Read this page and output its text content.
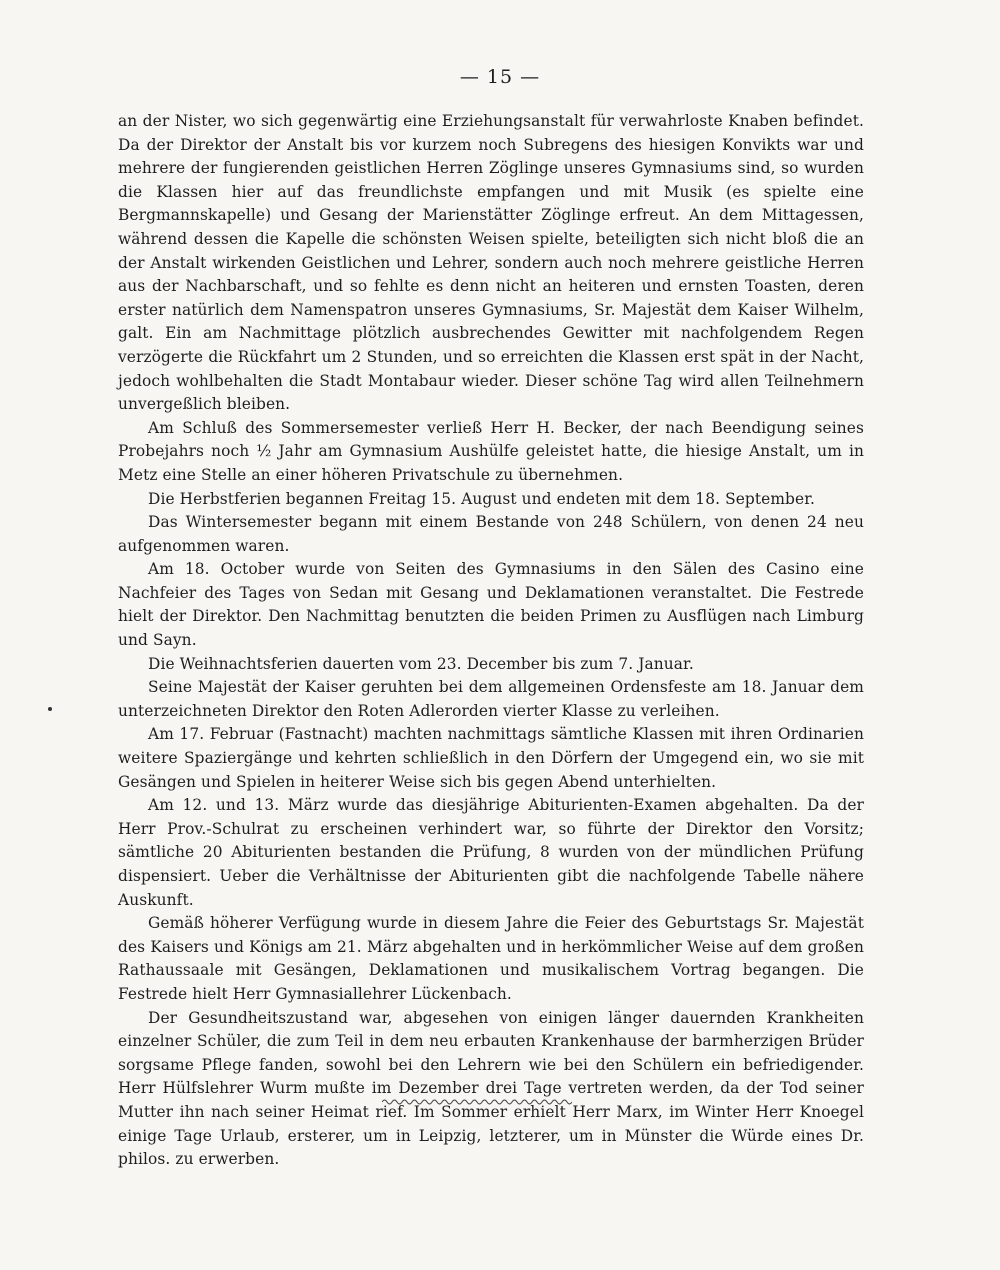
— 15 —

an der Nister, wo sich gegenwärtig eine Erziehungsanstalt für verwahrloste Knaben befindet. Da der Direktor der Anstalt bis vor kurzem noch Subregens des hiesigen Konvikts war und mehrere der fungierenden geistlichen Herren Zöglinge unseres Gymnasiums sind, so wurden die Klassen hier auf das freundlichste empfangen und mit Musik (es spielte eine Bergmannskapelle) und Gesang der Marienstätter Zöglinge erfreut. An dem Mittagessen, während dessen die Kapelle die schönsten Weisen spielte, beteiligten sich nicht bloß die an der Anstalt wirkenden Geistlichen und Lehrer, sondern auch noch mehrere geistliche Herren aus der Nachbarschaft, und so fehlte es denn nicht an heiteren und ernsten Toasten, deren erster natürlich dem Namenspatron unseres Gymnasiums, Sr. Majestät dem Kaiser Wilhelm, galt. Ein am Nachmittage plötzlich ausbrechendes Gewitter mit nachfolgendem Regen verzögerte die Rückfahrt um 2 Stunden, und so erreichten die Klassen erst spät in der Nacht, jedoch wohlbehalten die Stadt Montabaur wieder. Dieser schöne Tag wird allen Teilnehmern unvergeßlich bleiben.

Am Schluß des Sommersemester verließ Herr H. Becker, der nach Beendigung seines Probejahrs noch ½ Jahr am Gymnasium Aushülfe geleistet hatte, die hiesige Anstalt, um in Metz eine Stelle an einer höheren Privatschule zu übernehmen.

Die Herbstferien begannen Freitag 15. August und endeten mit dem 18. September.

Das Wintersemester begann mit einem Bestande von 248 Schülern, von denen 24 neu aufgenommen waren.

Am 18. October wurde von Seiten des Gymnasiums in den Sälen des Casino eine Nachfeier des Tages von Sedan mit Gesang und Deklamationen veranstaltet. Die Festrede hielt der Direktor. Den Nachmittag benutzten die beiden Primen zu Ausflügen nach Limburg und Sayn.

Die Weihnachtsferien dauerten vom 23. December bis zum 7. Januar.

Seine Majestät der Kaiser geruhten bei dem allgemeinen Ordensfeste am 18. Januar dem unterzeichneten Direktor den Roten Adlerorden vierter Klasse zu verleihen.

Am 17. Februar (Fastnacht) machten nachmittags sämtliche Klassen mit ihren Ordinarien weitere Spaziergänge und kehrten schließlich in den Dörfern der Umgegend ein, wo sie mit Gesängen und Spielen in heiterer Weise sich bis gegen Abend unterhielten.

Am 12. und 13. März wurde das diesjährige Abiturienten-Examen abgehalten. Da der Herr Prov.-Schulrat zu erscheinen verhindert war, so führte der Direktor den Vorsitz; sämtliche 20 Abiturienten bestanden die Prüfung, 8 wurden von der mündlichen Prüfung dispensiert. Ueber die Verhältnisse der Abiturienten gibt die nachfolgende Tabelle nähere Auskunft.

Gemäß höherer Verfügung wurde in diesem Jahre die Feier des Geburtstags Sr. Majestät des Kaisers und Königs am 21. März abgehalten und in herkömmlicher Weise auf dem großen Rathaussaale mit Gesängen, Deklamationen und musikalischem Vortrag begangen. Die Festrede hielt Herr Gymnasiallehrer Lückenbach.

Der Gesundheitszustand war, abgesehen von einigen länger dauernden Krankheiten einzelner Schüler, die zum Teil in dem neu erbauten Krankenhause der barmherzigen Brüder sorgsame Pflege fanden, sowohl bei den Lehrern wie bei den Schülern ein befriedigender. Herr Hülfslehrer Wurm mußte im Dezember drei Tage vertreten werden, da der Tod seiner Mutter ihn nach seiner Heimat rief. Im Sommer erhielt Herr Marx, im Winter Herr Knoegel einige Tage Urlaub, ersterer, um in Leipzig, letzterer, um in Münster die Würde eines Dr. philos. zu erwerben.
